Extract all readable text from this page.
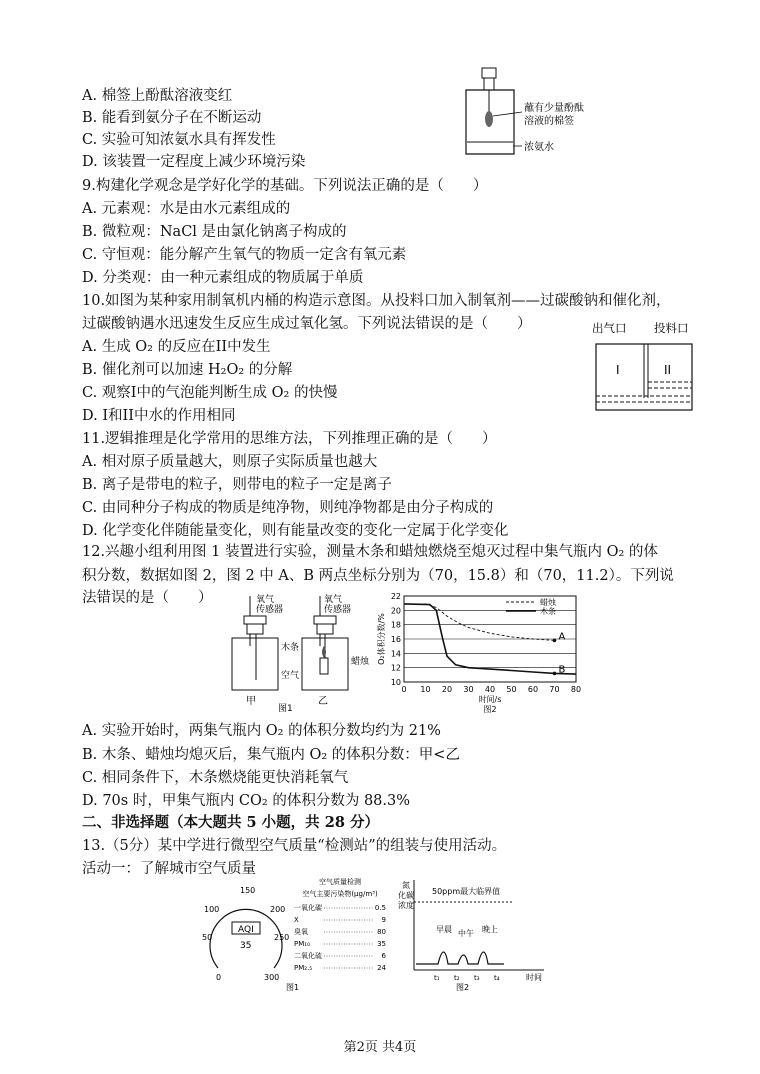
A. 棉签上酚酞溶液变红
B. 能看到氨分子在不断运动
C. 实验可知浓氨水具有挥发性
D. 该装置一定程度上减少环境污染
蘸有少量酚酞
溶液的棉签
浓氨水
9.构建化学观念是学好化学的基础。下列说法正确的是（　　）
A. 元素观：水是由水元素组成的
B. 微粒观：NaCl 是由氯化钠离子构成的
C. 守恒观：能分解产生氧气的物质一定含有氧元素
D. 分类观：由一种元素组成的物质属于单质
10.如图为某种家用制氧机内桶的构造示意图。从投料口加入制氧剂——过碳酸钠和催化剂，
过碳酸钠遇水迅速发生反应生成过氧化氢。下列说法错误的是（　　）
A. 生成 O₂ 的反应在II中发生
B. 催化剂可以加速 H₂O₂ 的分解
C. 观察I中的气泡能判断生成 O₂ 的快慢
D. I和II中水的作用相同
出气口 投料口
I	II
11.逻辑推理是化学常用的思维方法，下列推理正确的是（　　）
A. 相对原子质量越大，则原子实际质量也越大
B. 离子是带电的粒子，则带电的粒子一定是离子
C. 由同种分子构成的物质是纯净物，则纯净物都是由分子构成的
D. 化学变化伴随能量变化，则有能量改变的变化一定属于化学变化
12.兴趣小组利用图 1 装置进行实验，测量木条和蜡烛燃烧至熄灭过程中集气瓶内 O₂ 的体
积分数，数据如图 2，图 2 中 A、B 两点坐标分别为（70，15.8）和（70，11.2）。下列说
法错误的是（　　）	氧气
传感器
氧气
传感器
木条
空气
蜡烛
甲	乙
图1
10
12
14
16
18
20
22
0 10 20 30 40 50 60 70 80
O₂体积分数/%
时间/s
图2
蜡烛
木条
A
B
A. 实验开始时，两集气瓶内 O₂ 的体积分数均约为 21%
B. 木条、蜡烛均熄灭后，集气瓶内 O₂ 的体积分数：甲<乙
C. 相同条件下，木条燃烧能更快消耗氧气
D. 70s 时，甲集气瓶内 CO₂ 的体积分数为 88.3%
二、非选择题（本大题共 5 小题，共 28 分）
13.（5分）某中学进行微型空气质量“检测站”的组装与使用活动。
活动一：了解城市空气质量
0
50
100
150
200
250
300
AQI
35
图1
空气质量检测
空气主要污染物(μg/m³)
一氧化碳	0.5
X	9
臭氧	80
PM₁₀	35
二氧化硫	6
PM₂.₅	24
氮
化碳
浓度
50ppm最大临界值
早晨 中午 晚上
t₁ t₂ t₃ t₄	时间
图2
第2页 共4页
